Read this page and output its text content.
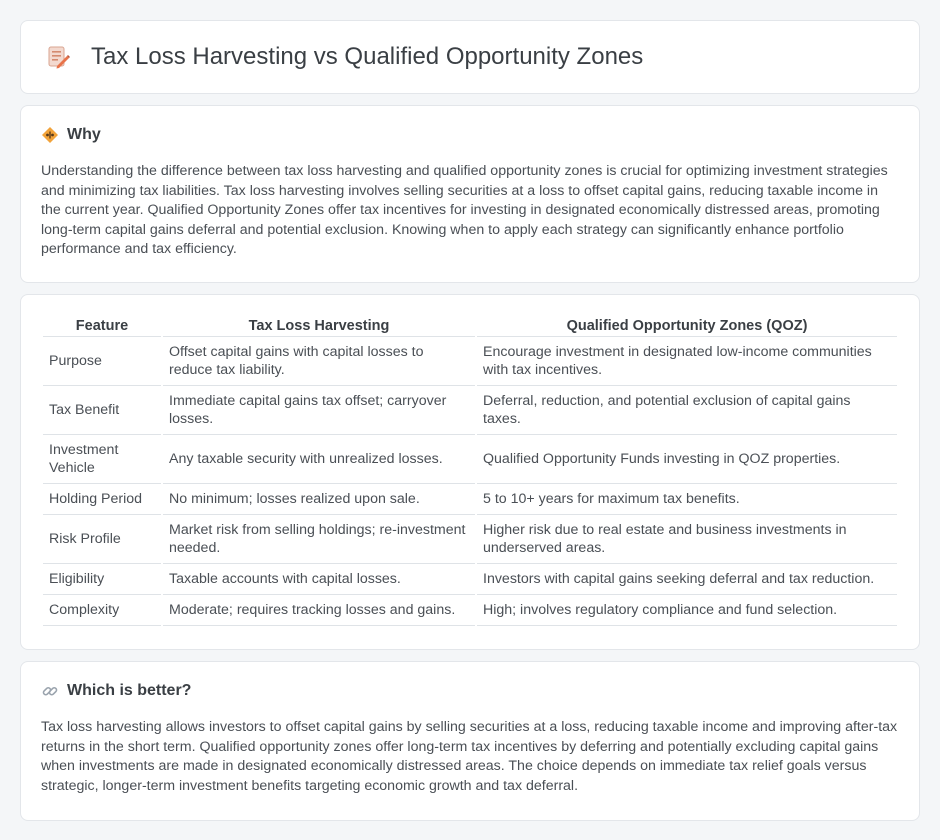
Tax Loss Harvesting vs Qualified Opportunity Zones
Why

Understanding the difference between tax loss harvesting and qualified opportunity zones is crucial for optimizing investment strategies and minimizing tax liabilities. Tax loss harvesting involves selling securities at a loss to offset capital gains, reducing taxable income in the current year. Qualified Opportunity Zones offer tax incentives for investing in designated economically distressed areas, promoting long-term capital gains deferral and potential exclusion. Knowing when to apply each strategy can significantly enhance portfolio performance and tax efficiency.

Feature	Tax Loss Harvesting	Qualified Opportunity Zones (QOZ)
Purpose	Offset capital gains with capital losses to reduce tax liability.	Encourage investment in designated low-income communities with tax incentives.
Tax Benefit	Immediate capital gains tax offset; carryover losses.	Deferral, reduction, and potential exclusion of capital gains taxes.
Investment Vehicle	Any taxable security with unrealized losses.	Qualified Opportunity Funds investing in QOZ properties.
Holding Period	No minimum; losses realized upon sale.	5 to 10+ years for maximum tax benefits.
Risk Profile	Market risk from selling holdings; re-investment needed.	Higher risk due to real estate and business investments in underserved areas.
Eligibility	Taxable accounts with capital losses.	Investors with capital gains seeking deferral and tax reduction.
Complexity	Moderate; requires tracking losses and gains.	High; involves regulatory compliance and fund selection.
Which is better?

Tax loss harvesting allows investors to offset capital gains by selling securities at a loss, reducing taxable income and improving after-tax returns in the short term. Qualified opportunity zones offer long-term tax incentives by deferring and potentially excluding capital gains when investments are made in designated economically distressed areas. The choice depends on immediate tax relief goals versus strategic, longer-term investment benefits targeting economic growth and tax deferral.
